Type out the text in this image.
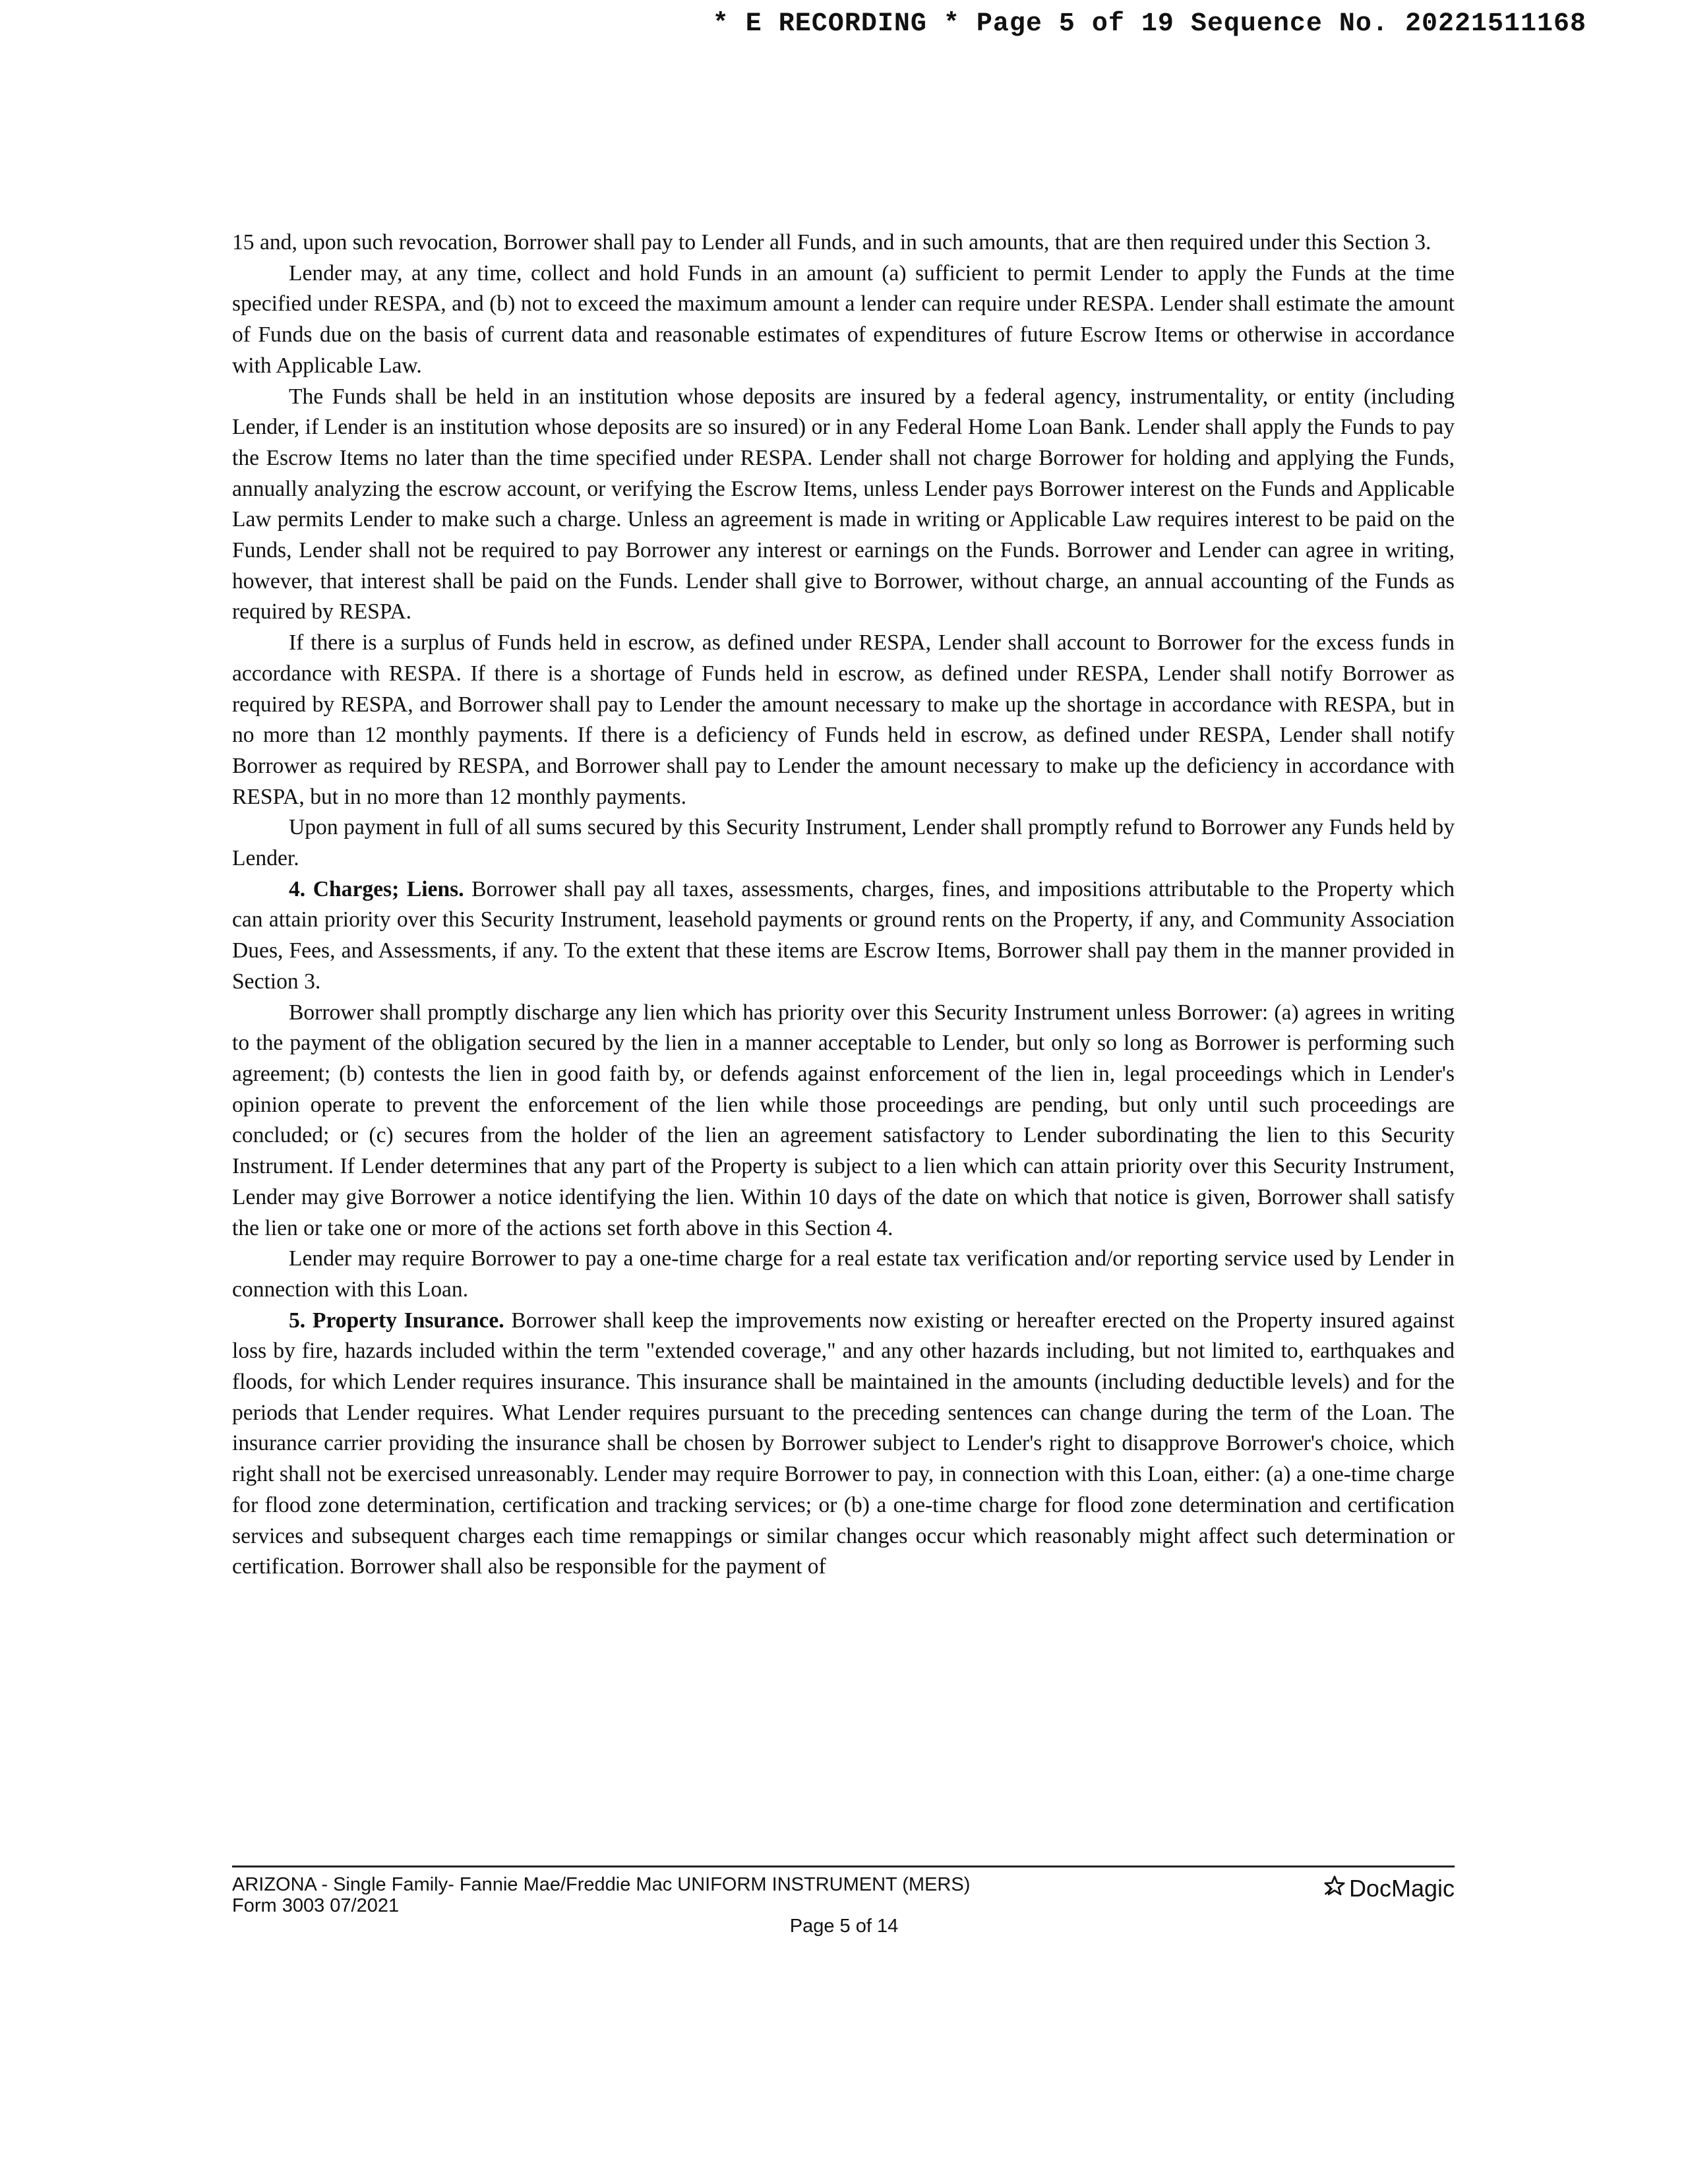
* E RECORDING * Page 5 of 19 Sequence No. 20221511168

15 and, upon such revocation, Borrower shall pay to Lender all Funds, and in such amounts, that are then required under this Section 3.

Lender may, at any time, collect and hold Funds in an amount (a) sufficient to permit Lender to apply the Funds at the time specified under RESPA, and (b) not to exceed the maximum amount a lender can require under RESPA. Lender shall estimate the amount of Funds due on the basis of current data and reasonable estimates of expenditures of future Escrow Items or otherwise in accordance with Applicable Law.

The Funds shall be held in an institution whose deposits are insured by a federal agency, instrumentality, or entity (including Lender, if Lender is an institution whose deposits are so insured) or in any Federal Home Loan Bank. Lender shall apply the Funds to pay the Escrow Items no later than the time specified under RESPA. Lender shall not charge Borrower for holding and applying the Funds, annually analyzing the escrow account, or verifying the Escrow Items, unless Lender pays Borrower interest on the Funds and Applicable Law permits Lender to make such a charge. Unless an agreement is made in writing or Applicable Law requires interest to be paid on the Funds, Lender shall not be required to pay Borrower any interest or earnings on the Funds. Borrower and Lender can agree in writing, however, that interest shall be paid on the Funds. Lender shall give to Borrower, without charge, an annual accounting of the Funds as required by RESPA.

If there is a surplus of Funds held in escrow, as defined under RESPA, Lender shall account to Borrower for the excess funds in accordance with RESPA. If there is a shortage of Funds held in escrow, as defined under RESPA, Lender shall notify Borrower as required by RESPA, and Borrower shall pay to Lender the amount necessary to make up the shortage in accordance with RESPA, but in no more than 12 monthly payments. If there is a deficiency of Funds held in escrow, as defined under RESPA, Lender shall notify Borrower as required by RESPA, and Borrower shall pay to Lender the amount necessary to make up the deficiency in accordance with RESPA, but in no more than 12 monthly payments.

Upon payment in full of all sums secured by this Security Instrument, Lender shall promptly refund to Borrower any Funds held by Lender.

4. Charges; Liens. Borrower shall pay all taxes, assessments, charges, fines, and impositions attributable to the Property which can attain priority over this Security Instrument, leasehold payments or ground rents on the Property, if any, and Community Association Dues, Fees, and Assessments, if any. To the extent that these items are Escrow Items, Borrower shall pay them in the manner provided in Section 3.

Borrower shall promptly discharge any lien which has priority over this Security Instrument unless Borrower: (a) agrees in writing to the payment of the obligation secured by the lien in a manner acceptable to Lender, but only so long as Borrower is performing such agreement; (b) contests the lien in good faith by, or defends against enforcement of the lien in, legal proceedings which in Lender's opinion operate to prevent the enforcement of the lien while those proceedings are pending, but only until such proceedings are concluded; or (c) secures from the holder of the lien an agreement satisfactory to Lender subordinating the lien to this Security Instrument. If Lender determines that any part of the Property is subject to a lien which can attain priority over this Security Instrument, Lender may give Borrower a notice identifying the lien. Within 10 days of the date on which that notice is given, Borrower shall satisfy the lien or take one or more of the actions set forth above in this Section 4.

Lender may require Borrower to pay a one-time charge for a real estate tax verification and/or reporting service used by Lender in connection with this Loan.

5. Property Insurance. Borrower shall keep the improvements now existing or hereafter erected on the Property insured against loss by fire, hazards included within the term "extended coverage," and any other hazards including, but not limited to, earthquakes and floods, for which Lender requires insurance. This insurance shall be maintained in the amounts (including deductible levels) and for the periods that Lender requires. What Lender requires pursuant to the preceding sentences can change during the term of the Loan. The insurance carrier providing the insurance shall be chosen by Borrower subject to Lender's right to disapprove Borrower's choice, which right shall not be exercised unreasonably. Lender may require Borrower to pay, in connection with this Loan, either: (a) a one-time charge for flood zone determination, certification and tracking services; or (b) a one-time charge for flood zone determination and certification services and subsequent charges each time remappings or similar changes occur which reasonably might affect such determination or certification. Borrower shall also be responsible for the payment of

ARIZONA - Single Family- Fannie Mae/Freddie Mac UNIFORM INSTRUMENT (MERS)
Form 3003 07/2021
DocMagic
Page 5 of 14
